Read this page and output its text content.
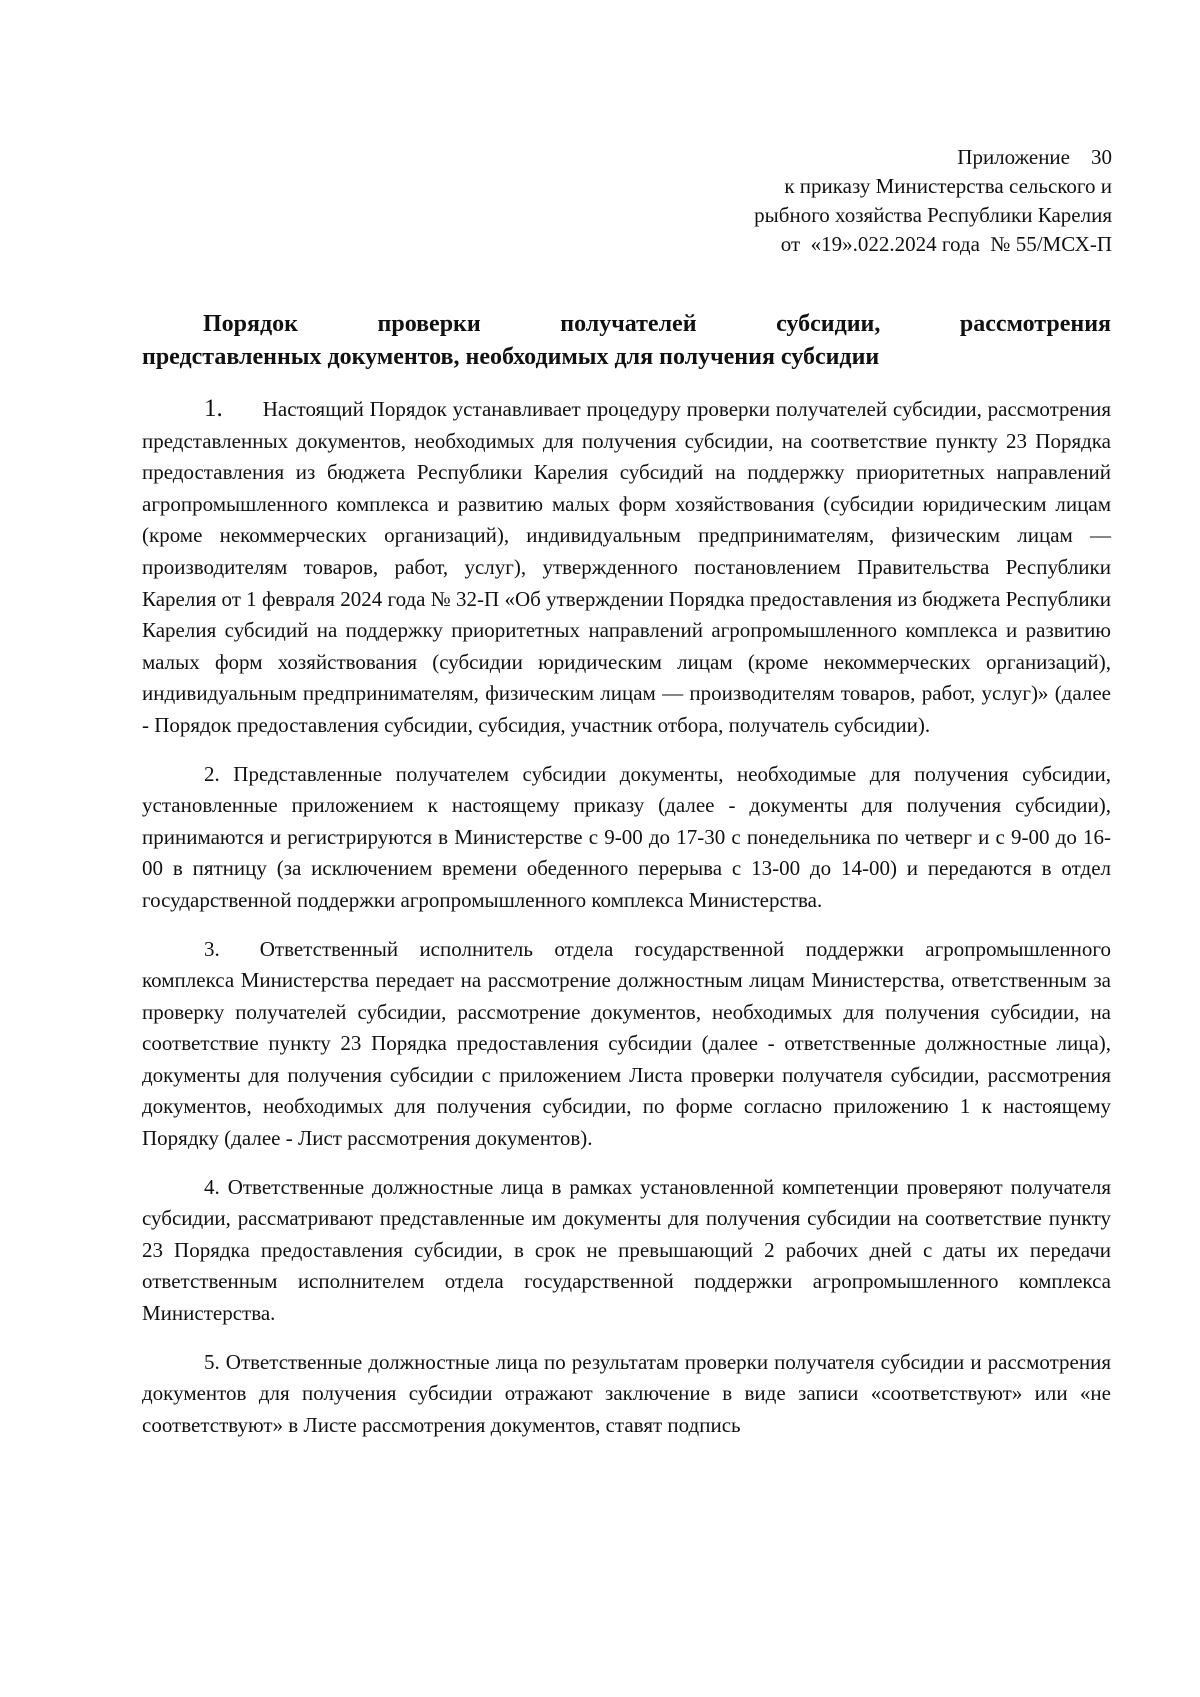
Приложение    30
к приказу Министерства сельского и
рыбного хозяйства Республики Карелия
от  «19».022.2024 года  № 55/МСХ-П
Порядок проверки получателей субсидии, рассмотрения
представленных документов, необходимых для получения субсидии

1. Настоящий Порядок устанавливает процедуру проверки получателей субсидии, рассмотрения представленных документов, необходимых для получения субсидии, на соответствие пункту 23 Порядка предоставления из бюджета Республики Карелия субсидий на поддержку приоритетных направлений агропромышленного комплекса и развитию малых форм хозяйствования (субсидии юридическим лицам (кроме некоммерческих организаций), индивидуальным предпринимателям, физическим лицам — производителям товаров, работ, услуг), утвержденного постановлением Правительства Республики Карелия от 1 февраля 2024 года № 32-П «Об утверждении Порядка предоставления из бюджета Республики Карелия субсидий на поддержку приоритетных направлений агропромышленного комплекса и развитию малых форм хозяйствования (субсидии юридическим лицам (кроме некоммерческих организаций), индивидуальным предпринимателям, физическим лицам — производителям товаров, работ, услуг)» (далее - Порядок предоставления субсидии, субсидия, участник отбора, получатель субсидии).

2. Представленные получателем субсидии документы, необходимые для получения субсидии, установленные приложением к настоящему приказу (далее - документы для получения субсидии), принимаются и регистрируются в Министерстве с 9-00 до 17-30 с понедельника по четверг и с 9-00 до 16-00 в пятницу (за исключением времени обеденного перерыва с 13-00 до 14-00) и передаются в отдел государственной поддержки агропромышленного комплекса Министерства.

3. Ответственный исполнитель отдела государственной поддержки агропромышленного комплекса Министерства передает на рассмотрение должностным лицам Министерства, ответственным за проверку получателей субсидии, рассмотрение документов, необходимых для получения субсидии, на соответствие пункту 23 Порядка предоставления субсидии (далее - ответственные должностные лица), документы для получения субсидии с приложением Листа проверки получателя субсидии, рассмотрения документов, необходимых для получения субсидии, по форме согласно приложению 1 к настоящему Порядку (далее - Лист рассмотрения документов).

4. Ответственные должностные лица в рамках установленной компетенции проверяют получателя субсидии, рассматривают представленные им документы для получения субсидии на соответствие пункту 23 Порядка предоставления субсидии, в срок не превышающий 2 рабочих дней с даты их передачи ответственным исполнителем отдела государственной поддержки агропромышленного комплекса Министерства.

5. Ответственные должностные лица по результатам проверки получателя субсидии и рассмотрения документов для получения субсидии отражают заключение в виде записи «соответствуют» или «не соответствуют» в Листе рассмотрения документов, ставят подпись
